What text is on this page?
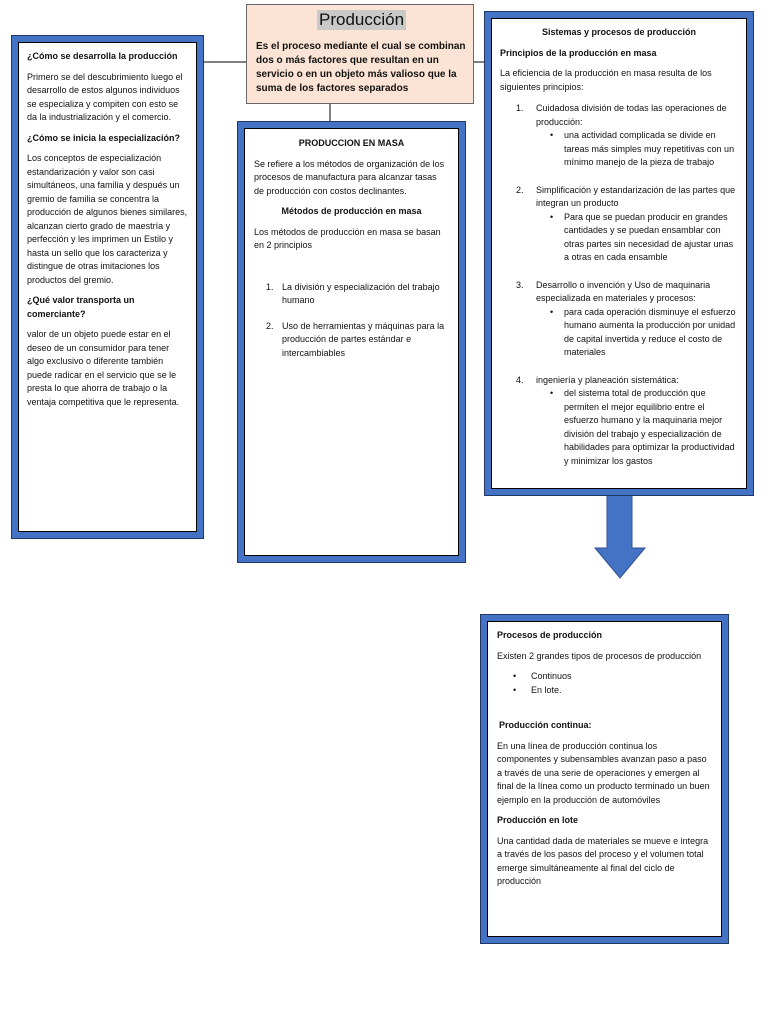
Producción
Es el proceso mediante el cual se combinan dos o más factores que resultan en un servicio o en un objeto más valioso que la suma de los factores separados

¿Cómo se desarrolla la producción

Primero se del descubrimiento luego el desarrollo de estos algunos individuos se especializa y compiten con esto se da la industrialización y el comercio.

¿Cómo se inicia la especialización?

Los conceptos de especialización estandarización y valor son casi simultáneos, una familia y después un gremio de familia se concentra la producción de algunos bienes similares, alcanzan cierto grado de maestría y perfección y les imprimen un Estilo y hasta un sello que los caracteriza y distingue de otras imitaciones los productos del gremio.

¿Qué valor transporta un comerciante?

valor de un objeto puede estar en el deseo de un consumidor para tener algo exclusivo o diferente también puede radicar en el servicio que se le presta lo que ahorra de trabajo o la ventaja competitiva que le representa.

PRODUCCION EN MASA

Se refiere a los métodos de organización de los procesos de manufactura para alcanzar tasas de producción con costos declinantes.

Métodos de producción en masa

Los métodos de producción en masa se basan en 2 principios

1. La división y especialización del trabajo humano
2. Uso de herramientas y máquinas para la producción de partes estándar e intercambiables

Sistemas y procesos de producción

Principios de la producción en masa

La eficiencia de la producción en masa resulta de los siguientes principios:

1. Cuidadosa división de todas las operaciones de producción:
• una actividad complicada se divide en tareas más simples muy repetitivas con un mínimo manejo de la pieza de trabajo
2. Simplificación y estandarización de las partes que integran un producto
• Para que se puedan producir en grandes cantidades y se puedan ensamblar con otras partes sin necesidad de ajustar unas a otras en cada ensamble
3. Desarrollo o invención y Uso de maquinaria especializada en materiales y procesos:
• para cada operación disminuye el esfuerzo humano aumenta la producción por unidad de capital invertida y reduce el costo de materiales
4. ingeniería y planeación sistemática:
• del sistema total de producción que permiten el mejor equilibrio entre el esfuerzo humano y la maquinaria mejor división del trabajo y especialización de habilidades para optimizar la productividad y minimizar los gastos

Procesos de producción

Existen 2 grandes tipos de procesos de producción

• Continuos
• En lote.

Producción continua:

En una línea de producción continua los componentes y subensambles avanzan paso a paso a través de una serie de operaciones y emergen al final de la línea como un producto terminado un buen ejemplo en la producción de automóviles

Producción en lote

Una cantidad dada de materiales se mueve e integra a través de los pasos del proceso y el volumen total emerge simultáneamente al final del ciclo de producción
